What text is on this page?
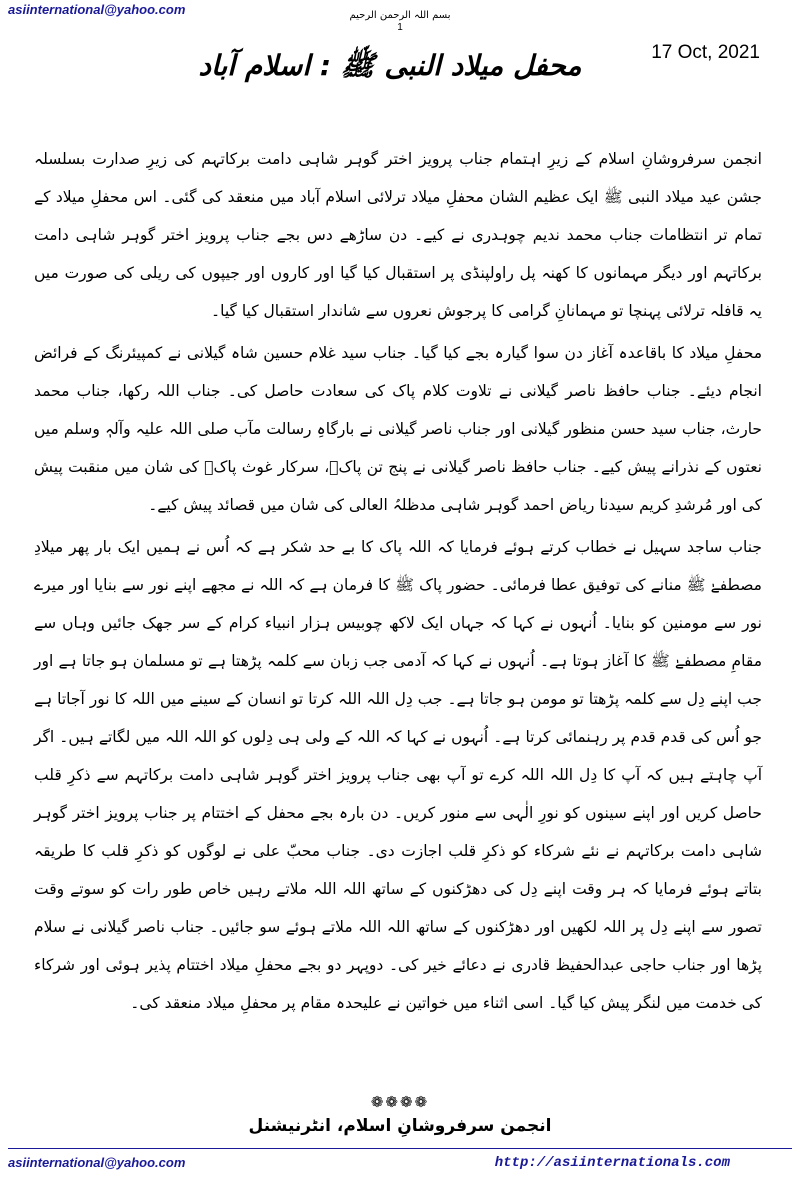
asiinternational@yahoo.com	بسم اللہ الرحمن الرحیم
1
17 Oct, 2021
محفل میلاد النبی ﷺ : اسلام آباد

انجمن سرفروشانِ اسلام کے زیرِ اہتمام جناب پرویز اختر گوہر شاہی دامت برکاتہم کی زیرِ صدارت بسلسلہ جشن عید میلاد النبی ﷺ ایک عظیم الشان محفلِ میلاد ترلائی اسلام آباد میں منعقد کی گئی۔ اس محفلِ میلاد کے تمام تر انتظامات جناب محمد ندیم چوہدری نے کیے۔ دن ساڑھے دس بجے جناب پرویز اختر گوہر شاہی دامت برکاتہم اور دیگر مہمانوں کا کھنہ پل راولپنڈی پر استقبال کیا گیا اور کاروں اور جیپوں کی ریلی کی صورت میں یہ قافلہ ترلائی پہنچا تو مہمانانِ گرامی کا پرجوش نعروں سے شاندار استقبال کیا گیا۔

محفلِ میلاد کا باقاعدہ آغاز دن سوا گیارہ بجے کیا گیا۔ جناب سید غلام حسین شاہ گیلانی نے کمپیئرنگ کے فرائض انجام دیئے۔ جناب حافظ ناصر گیلانی نے تلاوت کلام پاک کی سعادت حاصل کی۔ جناب اللہ رکھا، جناب محمد حارث، جناب سید حسن منظور گیلانی اور جناب ناصر گیلانی نے بارگاہِ رسالت مآب صلی اللہ علیہ وآلہٖ وسلم میں نعتوں کے نذرانے پیش کیے۔ جناب حافظ ناصر گیلانی نے پنج تن پاکؑ، سرکار غوث پاکؒ کی شان میں منقبت پیش کی اور مُرشدِ کریم سیدنا ریاض احمد گوہر شاہی مدظلہُ العالی کی شان میں قصائد پیش کیے۔

جناب ساجد سہیل نے خطاب کرتے ہوئے فرمایا کہ اللہ پاک کا بے حد شکر ہے کہ اُس نے ہمیں ایک بار پھر میلادِ مصطفےٰ ﷺ منانے کی توفیق عطا فرمائی۔ حضور پاک ﷺ کا فرمان ہے کہ اللہ نے مجھے اپنے نور سے بنایا اور میرے نور سے مومنین کو بنایا۔ اُنہوں نے کہا کہ جہاں ایک لاکھ چوبیس ہزار انبیاء کرام کے سر جھک جائیں وہاں سے مقامِ مصطفےٰ ﷺ کا آغاز ہوتا ہے۔ اُنہوں نے کہا کہ آدمی جب زبان سے کلمہ پڑھتا ہے تو مسلمان ہو جاتا ہے اور جب اپنے دِل سے کلمہ پڑھتا تو مومن ہو جاتا ہے۔ جب دِل اللہ اللہ کرتا تو انسان کے سینے میں اللہ کا نور آجاتا ہے جو اُس کی قدم قدم پر رہنمائی کرتا ہے۔ اُنہوں نے کہا کہ اللہ کے ولی ہی دِلوں کو اللہ اللہ میں لگاتے ہیں۔ اگر آپ چاہتے ہیں کہ آپ کا دِل اللہ اللہ کرے تو آپ بھی جناب پرویز اختر گوہر شاہی دامت برکاتہم سے ذکرِ قلب حاصل کریں اور اپنے سینوں کو نورِ الٰہی سے منور کریں۔ دن بارہ بجے محفل کے اختتام پر جناب پرویز اختر گوہر شاہی دامت برکاتہم نے نئے شرکاء کو ذکرِ قلب اجازت دی۔ جناب محبّ علی نے لوگوں کو ذکرِ قلب کا طریقہ بتاتے ہوئے فرمایا کہ ہر وقت اپنے دِل کی دھڑکنوں کے ساتھ اللہ اللہ ملاتے رہیں خاص طور رات کو سوتے وقت تصور سے اپنے دِل پر اللہ لکھیں اور دھڑکنوں کے ساتھ اللہ اللہ ملاتے ہوئے سو جائیں۔ جناب ناصر گیلانی نے سلام پڑھا اور جناب حاجی عبدالحفیظ قادری نے دعائے خیر کی۔ دوپہر دو بجے محفلِ میلاد اختتام پذیر ہوئی اور شرکاء کی خدمت میں لنگر پیش کیا گیا۔ اسی اثناء میں خواتین نے علیحدہ مقام پر محفلِ میلاد منعقد کی۔

❁❁❁❁
انجمن سرفروشانِ اسلام، انٹرنیشنل
asiinternational@yahoo.com	http://asiinternationals.com
